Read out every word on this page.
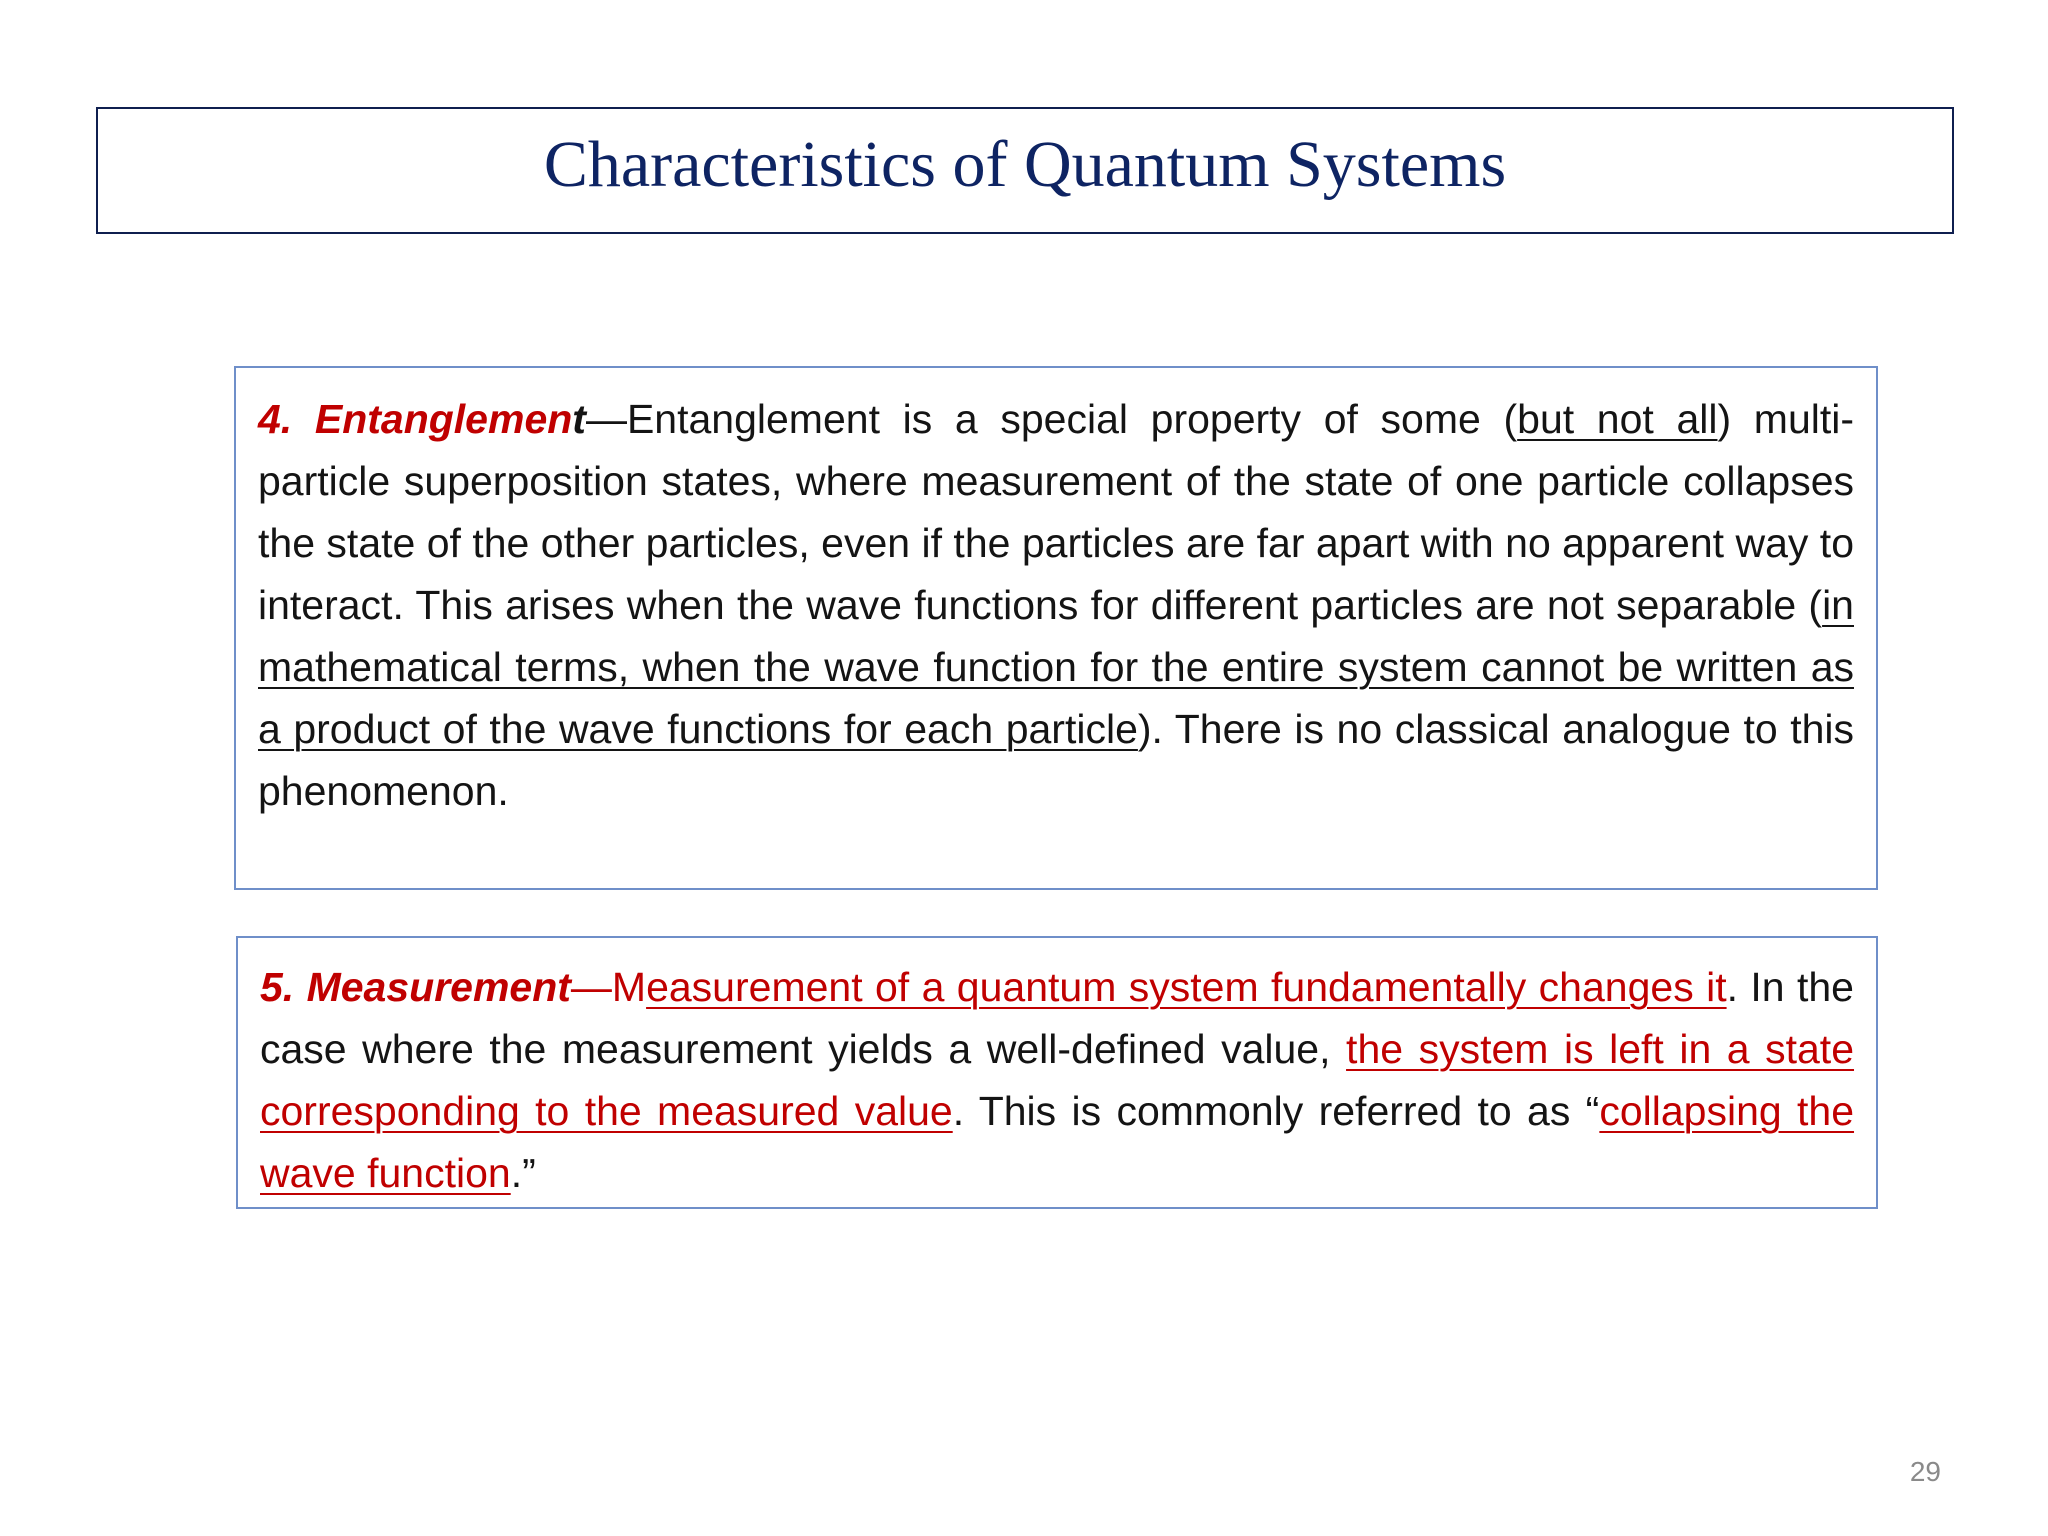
Characteristics of Quantum Systems

4. Entanglement—Entanglement is a special property of some (but not all) multi-particle superposition states, where measurement of the state of one particle collapses the state of the other particles, even if the particles are far apart with no apparent way to interact. This arises when the wave functions for different particles are not separable (in mathematical terms, when the wave function for the entire system cannot be written as a product of the wave functions for each particle). There is no classical analogue to this phenomenon.

5. Measurement—Measurement of a quantum system fundamentally changes it. In the case where the measurement yields a well-defined value, the system is left in a state corresponding to the measured value. This is commonly referred to as “collapsing the wave function.”

29
